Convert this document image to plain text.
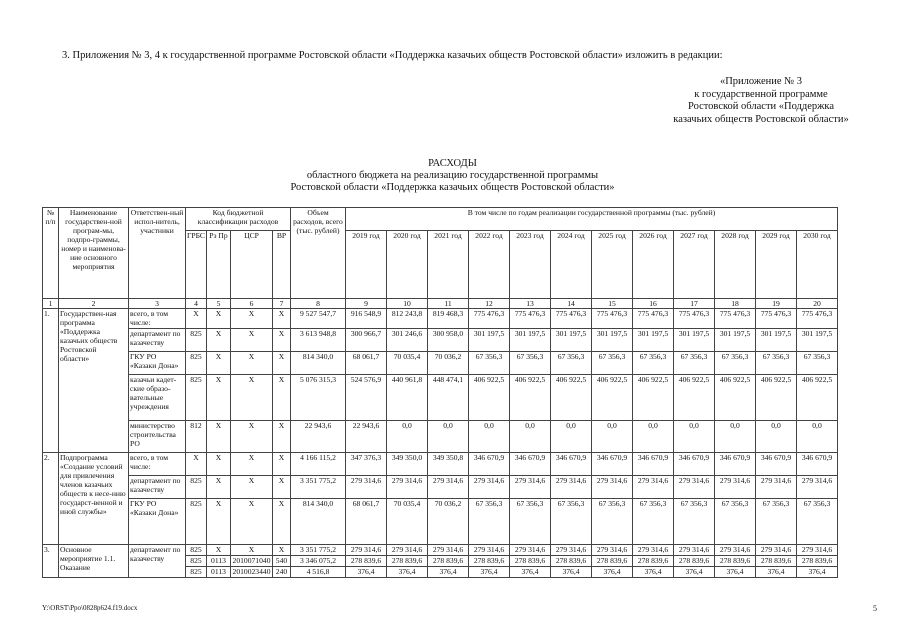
3. Приложения № 3, 4 к государственной программе Ростовской области «Поддержка казачьих обществ Ростовской области» изложить в редакции:
«Приложение № 3
к государственной программе
Ростовской области «Поддержка
казачьих обществ Ростовской области»
РАСХОДЫ
областного бюджета на реализацию государственной программы
Ростовской области «Поддержка казачьих обществ Ростовской области»
№ п/п	Наименование государствен-ной програм-мы, подпро-граммы, номер и наименова-ние основного мероприятия	Ответствен-ный испол-нитель, участники	Код бюджетной классификации расходов				Объем расходов, всего (тыс. рублей)	В том числе по годам реализации государственной программы (тыс. рублей)											
			ГРБС	Рз Пр	ЦСР	ВР		2019 год	2020 год	2021 год	2022 год	2023 год	2024 год	2025 год	2026 год	2027 год	2028 год	2029 год	2030 год
1	2	3	4	5	6	7	8	9	10	11	12	13	14	15	16	17	18	19	20
1.	Государствен-ная программа «Поддержка казачьих обществ Ростовской области»	всего, в том числе:	Х	Х	Х	Х	9 527 547,7	916 548,9	812 243,8	819 468,3	775 476,3	775 476,3	775 476,3	775 476,3	775 476,3	775 476,3	775 476,3	775 476,3	775 476,3
		департамент по казачеству	825	Х	Х	Х	3 613 948,8	300 966,7	301 246,6	300 958,0	301 197,5	301 197,5	301 197,5	301 197,5	301 197,5	301 197,5	301 197,5	301 197,5	301 197,5
		ГКУ РО «Казаки Дона»	825	Х	Х	Х	814 340,0	68 061,7	70 035,4	70 036,2	67 356,3	67 356,3	67 356,3	67 356,3	67 356,3	67 356,3	67 356,3	67 356,3	67 356,3
		казачьи кадет-ские образо-вательные учреждения	825	Х	Х	Х	5 076 315,3	524 576,9	440 961,8	448 474,1	406 922,5	406 922,5	406 922,5	406 922,5	406 922,5	406 922,5	406 922,5	406 922,5	406 922,5
		министерство строительства РО	812	Х	Х	Х	22 943,6	22 943,6	0,0	0,0	0,0	0,0	0,0	0,0	0,0	0,0	0,0	0,0	0,0
2.	Подпрограмма «Создание условий для привлечения членов казачьих обществ к несе-нию государст-венной и иной службы»	всего, в том числе:	Х	Х	Х	Х	4 166 115,2	347 376,3	349 350,0	349 350,8	346 670,9	346 670,9	346 670,9	346 670,9	346 670,9	346 670,9	346 670,9	346 670,9	346 670,9
		департамент по казачеству	825	Х	Х	Х	3 351 775,2	279 314,6	279 314,6	279 314,6	279 314,6	279 314,6	279 314,6	279 314,6	279 314,6	279 314,6	279 314,6	279 314,6	279 314,6
		ГКУ РО «Казаки Дона»	825	Х	Х	Х	814 340,0	68 061,7	70 035,4	70 036,2	67 356,3	67 356,3	67 356,3	67 356,3	67 356,3	67 356,3	67 356,3	67 356,3	67 356,3
3.	Основное мероприятие 1.1. Оказание	департамент по казачеству	825	Х	Х	Х	3 351 775,2	279 314,6	279 314,6	279 314,6	279 314,6	279 314,6	279 314,6	279 314,6	279 314,6	279 314,6	279 314,6	279 314,6	279 314,6
			825	0113	2010071040	540	3 346 075,2	278 839,6	278 839,6	278 839,6	278 839,6	278 839,6	278 839,6	278 839,6	278 839,6	278 839,6	278 839,6	278 839,6	278 839,6
			825	0113	2010023440	240	4 516,8	376,4	376,4	376,4	376,4	376,4	376,4	376,4	376,4	376,4	376,4	376,4	376,4
Y:\ORST\Ppo\0828p624.f19.docx	5
